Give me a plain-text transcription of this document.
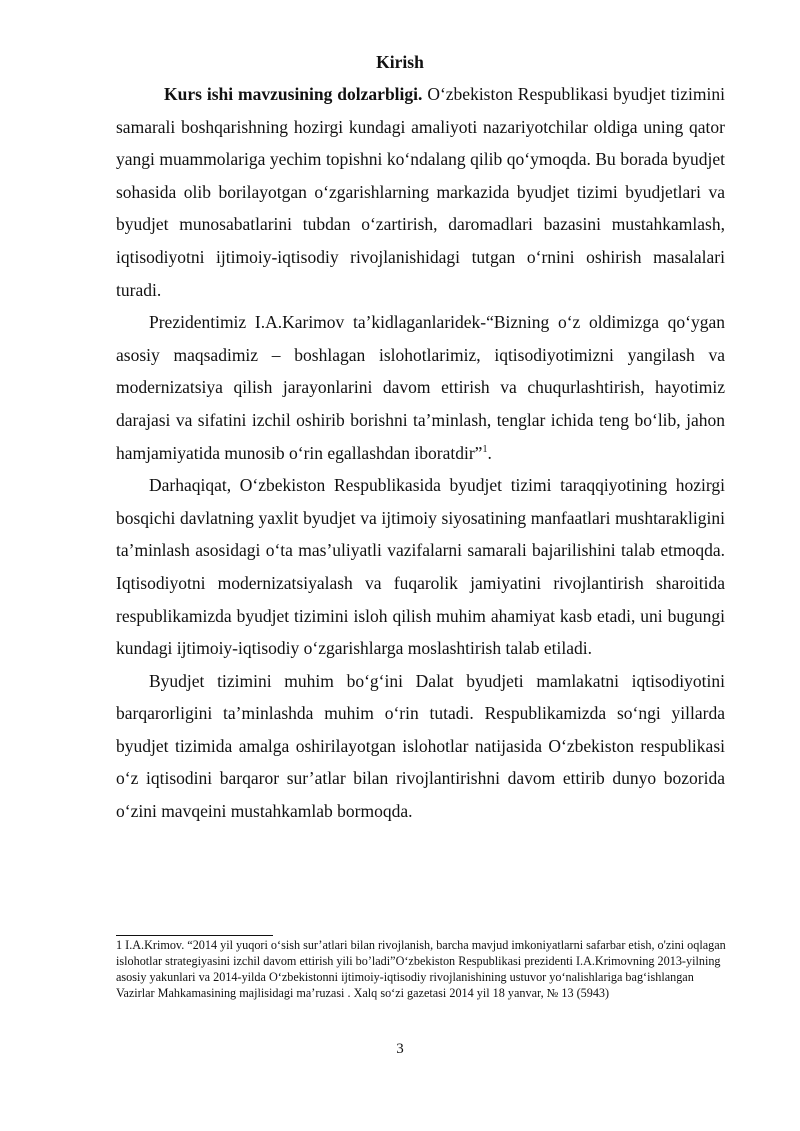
Kirish

Kurs ishi mavzusining dolzarbligi. O‘zbekiston Respublikasi byudjet tizimini samarali boshqarishning hozirgi kundagi amaliyoti nazariyotchilar oldiga uning qator yangi muammolariga yechim topishni ko‘ndalang qilib qo‘ymoqda. Bu borada byudjet sohasida olib borilayotgan o‘zgarishlarning markazida byudjet tizimi byudjetlari va byudjet munosabatlarini tubdan o‘zartirish, daromadlari bazasini mustahkamlash, iqtisodiyotni ijtimoiy-iqtisodiy rivojlanishidagi tutgan o‘rnini oshirish masalalari turadi.

Prezidentimiz I.A.Karimov ta’kidlaganlaridek-“Bizning o‘z oldimizga qo‘ygan asosiy maqsadimiz – boshlagan islohotlarimiz, iqtisodiyotimizni yangilash va modernizatsiya qilish jarayonlarini davom ettirish va chuqurlashtirish, hayotimiz darajasi va sifatini izchil oshirib borishni ta’minlash, tenglar ichida teng bo‘lib, jahon hamjamiyatida munosib o‘rin egallashdan iboratdir”$^1$.

Darhaqiqat, O‘zbekiston Respublikasida byudjet tizimi taraqqiyotining hozirgi bosqichi davlatning yaxlit byudjet va ijtimoiy siyosatining manfaatlari mushtarakligini ta’minlash asosidagi o‘ta mas’uliyatli vazifalarni samarali bajarilishini talab etmoqda. Iqtisodiyotni modernizatsiyalash va fuqarolik jamiyatini rivojlantirish sharoitida respublikamizda byudjet tizimini isloh qilish muhim ahamiyat kasb etadi, uni bugungi kundagi ijtimoiy-iqtisodiy o‘zgarishlarga moslashtirish talab etiladi.

Byudjet tizimini muhim bo‘g‘ini Dalat byudjeti mamlakatni iqtisodiyotini barqarorligini ta’minlashda muhim o‘rin tutadi. Respublikamizda so‘ngi yillarda byudjet tizimida amalga oshirilayotgan islohotlar natijasida O‘zbekiston respublikasi o‘z iqtisodini barqaror sur’atlar bilan rivojlantirishni davom ettirib dunyo bozorida o‘zini mavqeini mustahkamlab bormoqda.

1 I.A.Krimov. “2014 yil yuqori o‘sish sur’atlari bilan rivojlanish, barcha mavjud imkoniyatlarni safarbar etish, o'zini oqlagan islohotlar strategiyasini izchil davom ettirish yili bo’ladi”O‘zbekiston Respublikasi prezidenti I.A.Krimovning 2013-yilning asosiy yakunlari va 2014-yilda O‘zbekistonni ijtimoiy-iqtisodiy rivojlanishining ustuvor yo‘nalishlariga bag‘ishlangan Vazirlar Mahkamasining majlisidagi ma’ruzasi . Xalq so‘zi gazetasi 2014 yil 18 yanvar, № 13 (5943)
3
